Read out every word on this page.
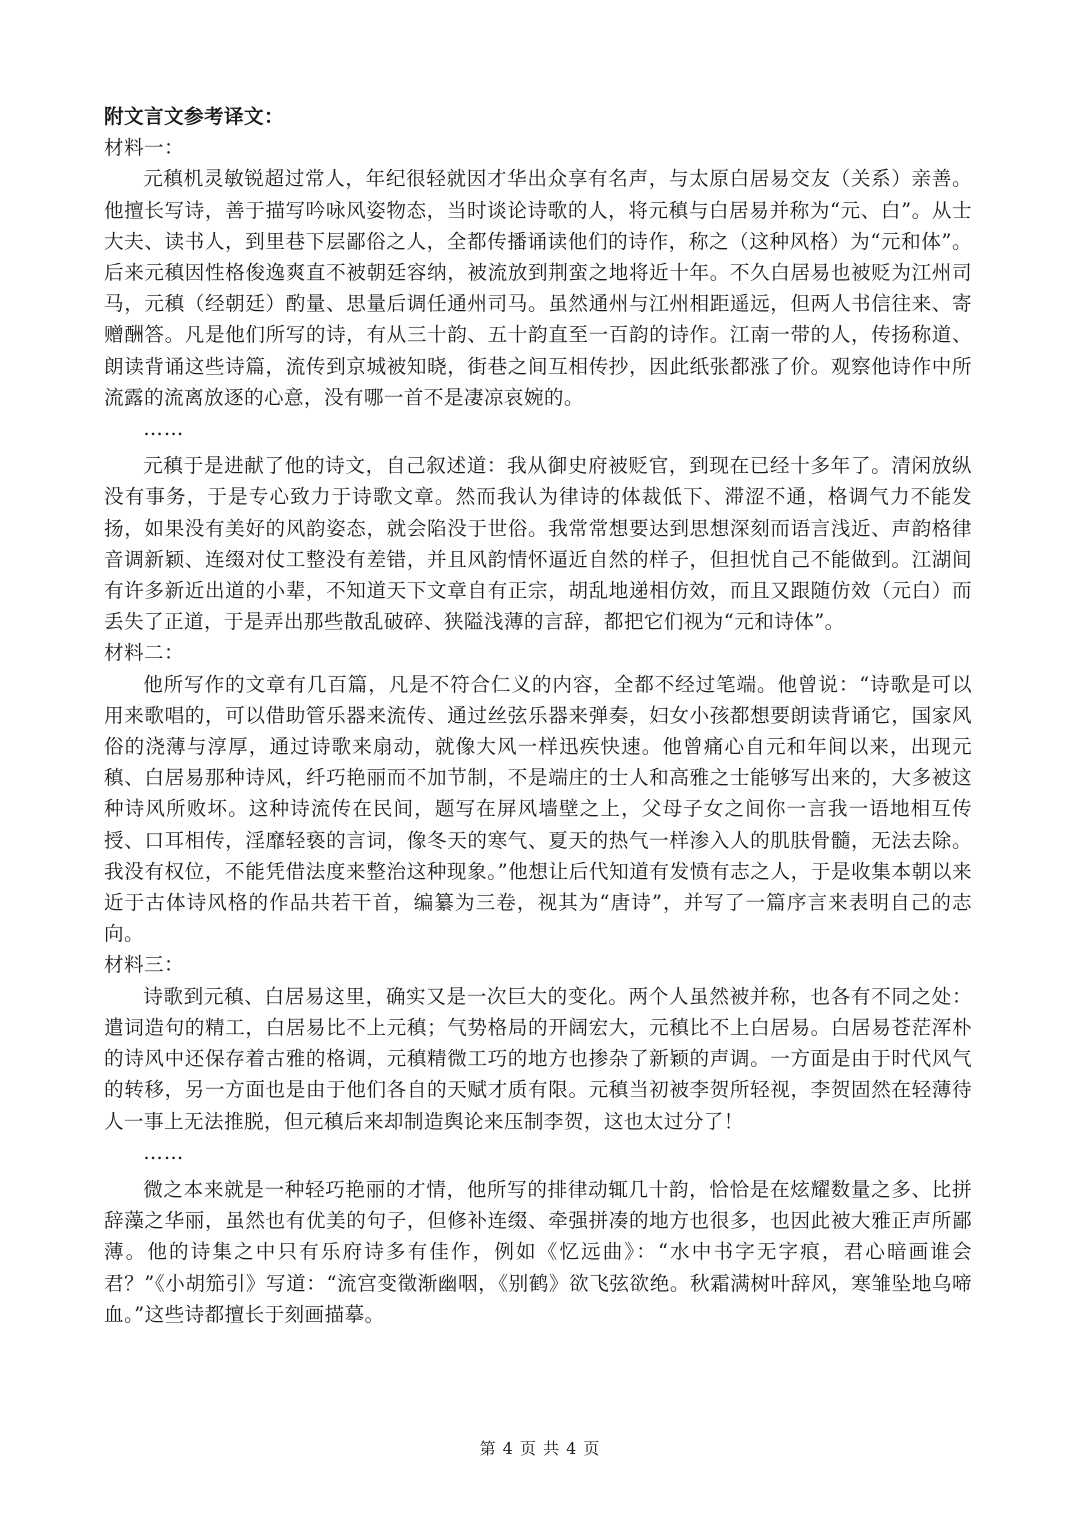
附文言文参考译文：

材料一：

元稹机灵敏锐超过常人，年纪很轻就因才华出众享有名声，与太原白居易交友（关系）亲善。他擅长写诗，善于描写吟咏风姿物态，当时谈论诗歌的人，将元稹与白居易并称为“元、白”。从士大夫、读书人，到里巷下层鄙俗之人，全都传播诵读他们的诗作，称之（这种风格）为“元和体”。后来元稹因性格俊逸爽直不被朝廷容纳，被流放到荆蛮之地将近十年。不久白居易也被贬为江州司马，元稹（经朝廷）酌量、思量后调任通州司马。虽然通州与江州相距遥远，但两人书信往来、寄赠酬答。凡是他们所写的诗，有从三十韵、五十韵直至一百韵的诗作。江南一带的人，传扬称道、朗读背诵这些诗篇，流传到京城被知晓，街巷之间互相传抄，因此纸张都涨了价。观察他诗作中所流露的流离放逐的心意，没有哪一首不是凄凉哀婉的。

……

元稹于是进献了他的诗文，自己叙述道：我从御史府被贬官，到现在已经十多年了。清闲放纵没有事务，于是专心致力于诗歌文章。然而我认为律诗的体裁低下、滞涩不通，格调气力不能发扬，如果没有美好的风韵姿态，就会陷没于世俗。我常常想要达到思想深刻而语言浅近、声韵格律音调新颖、连缀对仗工整没有差错，并且风韵情怀逼近自然的样子，但担忧自己不能做到。江湖间有许多新近出道的小辈，不知道天下文章自有正宗，胡乱地递相仿效，而且又跟随仿效（元白）而丢失了正道，于是弄出那些散乱破碎、狭隘浅薄的言辞，都把它们视为“元和诗体”。

材料二：

他所写作的文章有几百篇，凡是不符合仁义的内容，全都不经过笔端。他曾说：“诗歌是可以用来歌唱的，可以借助管乐器来流传、通过丝弦乐器来弹奏，妇女小孩都想要朗读背诵它，国家风俗的浇薄与淳厚，通过诗歌来扇动，就像大风一样迅疾快速。他曾痛心自元和年间以来，出现元稹、白居易那种诗风，纤巧艳丽而不加节制，不是端庄的士人和高雅之士能够写出来的，大多被这种诗风所败坏。这种诗流传在民间，题写在屏风墙壁之上，父母子女之间你一言我一语地相互传授、口耳相传，淫靡轻亵的言词，像冬天的寒气、夏天的热气一样渗入人的肌肤骨髓，无法去除。我没有权位，不能凭借法度来整治这种现象。”他想让后代知道有发愤有志之人，于是收集本朝以来近于古体诗风格的作品共若干首，编纂为三卷，视其为“唐诗”，并写了一篇序言来表明自己的志向。

材料三：

诗歌到元稹、白居易这里，确实又是一次巨大的变化。两个人虽然被并称，也各有不同之处：遣词造句的精工，白居易比不上元稹；气势格局的开阔宏大，元稹比不上白居易。白居易苍茫浑朴的诗风中还保存着古雅的格调，元稹精微工巧的地方也掺杂了新颖的声调。一方面是由于时代风气的转移，另一方面也是由于他们各自的天赋才质有限。元稹当初被李贺所轻视，李贺固然在轻薄待人一事上无法推脱，但元稹后来却制造舆论来压制李贺，这也太过分了！

……

微之本来就是一种轻巧艳丽的才情，他所写的排律动辄几十韵，恰恰是在炫耀数量之多、比拼辞藻之华丽，虽然也有优美的句子，但修补连缀、牵强拼凑的地方也很多，也因此被大雅正声所鄙薄。他的诗集之中只有乐府诗多有佳作，例如《忆远曲》：“水中书字无字痕，君心暗画谁会君？”《小胡笳引》写道：“流宫变徵渐幽咽，《别鹤》欲飞弦欲绝。秋霜满树叶辞风，寒雏坠地乌啼血。”这些诗都擅长于刻画描摹。

第 4 页 共 4 页
